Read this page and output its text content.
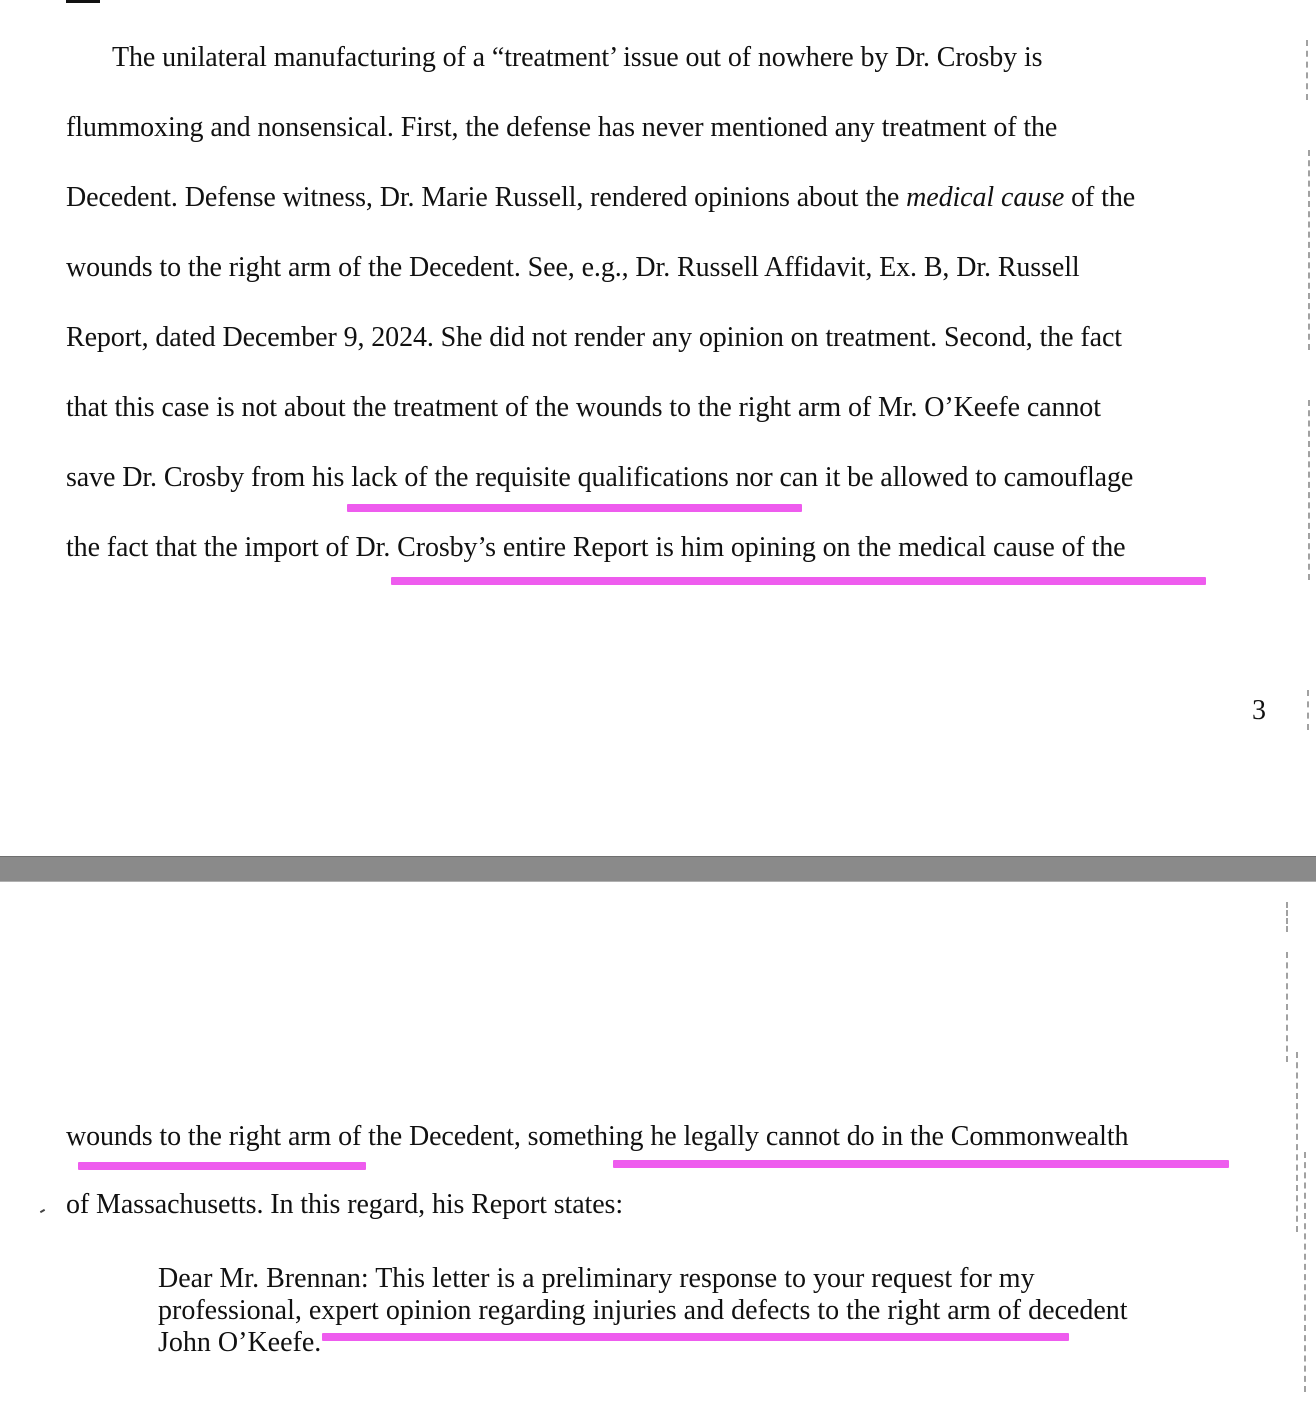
The unilateral manufacturing of a “treatment’ issue out of nowhere by Dr. Crosby is
flummoxing and nonsensical. First, the defense has never mentioned any treatment of the
Decedent. Defense witness, Dr. Marie Russell, rendered opinions about the medical cause of the
wounds to the right arm of the Decedent. See, e.g., Dr. Russell Affidavit, Ex. B, Dr. Russell
Report, dated December 9, 2024. She did not render any opinion on treatment. Second, the fact
that this case is not about the treatment of the wounds to the right arm of Mr. O’Keefe cannot
save Dr. Crosby from his lack of the requisite qualifications nor can it be allowed to camouflage
the fact that the import of Dr. Crosby’s entire Report is him opining on the medical cause of the
3
wounds to the right arm of the Decedent, something he legally cannot do in the Commonwealth
of Massachusetts. In this regard, his Report states:
Dear Mr. Brennan: This letter is a preliminary response to your request for my
professional, expert opinion regarding injuries and defects to the right arm of decedent
John O’Keefe.
